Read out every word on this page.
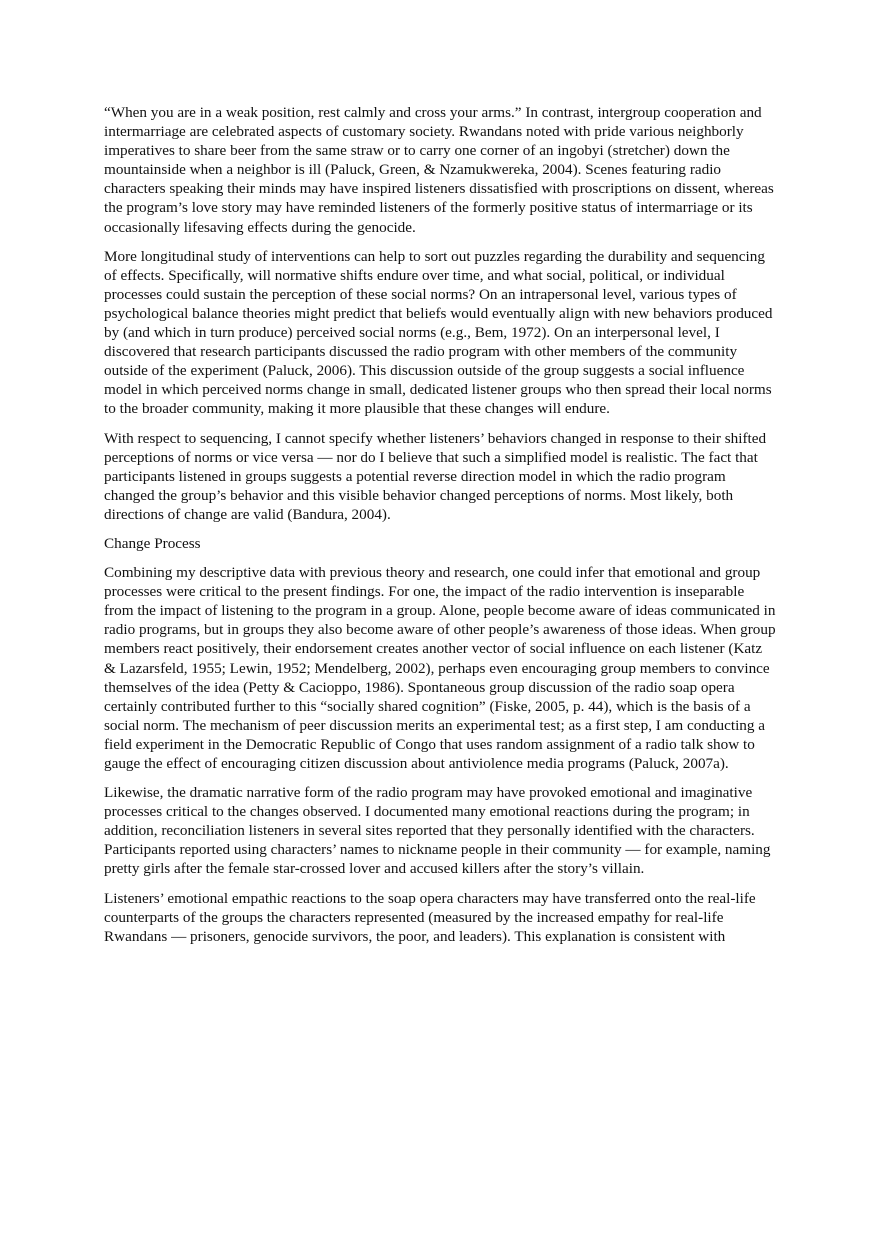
“When you are in a weak position, rest calmly and cross your arms.” In contrast, intergroup cooperation and intermarriage are celebrated aspects of customary society. Rwandans noted with pride various neighborly imperatives to share beer from the same straw or to carry one corner of an ingobyi (stretcher) down the mountainside when a neighbor is ill (Paluck, Green, & Nzamukwereka, 2004). Scenes featuring radio characters speaking their minds may have inspired listeners dissatisfied with proscriptions on dissent, whereas the program’s love story may have reminded listeners of the formerly positive status of intermarriage or its occasionally lifesaving effects during the genocide.

More longitudinal study of interventions can help to sort out puzzles regarding the durability and sequencing of effects. Specifically, will normative shifts endure over time, and what social, political, or individual processes could sustain the perception of these social norms? On an intrapersonal level, various types of psychological balance theories might predict that beliefs would eventually align with new behaviors produced by (and which in turn produce) perceived social norms (e.g., Bem, 1972). On an interpersonal level, I discovered that research participants discussed the radio program with other members of the community outside of the experiment (Paluck, 2006). This discussion outside of the group suggests a social influence model in which perceived norms change in small, dedicated listener groups who then spread their local norms to the broader community, making it more plausible that these changes will endure.

With respect to sequencing, I cannot specify whether listeners’ behaviors changed in response to their shifted perceptions of norms or vice versa — nor do I believe that such a simplified model is realistic. The fact that participants listened in groups suggests a potential reverse direction model in which the radio program changed the group’s behavior and this visible behavior changed perceptions of norms. Most likely, both directions of change are valid (Bandura, 2004).

Change Process

Combining my descriptive data with previous theory and research, one could infer that emotional and group processes were critical to the present findings. For one, the impact of the radio intervention is inseparable from the impact of listening to the program in a group. Alone, people become aware of ideas communicated in radio programs, but in groups they also become aware of other people’s awareness of those ideas. When group members react positively, their endorsement creates another vector of social influence on each listener (Katz & Lazarsfeld, 1955; Lewin, 1952; Mendelberg, 2002), perhaps even encouraging group members to convince themselves of the idea (Petty & Cacioppo, 1986). Spontaneous group discussion of the radio soap opera certainly contributed further to this “socially shared cognition” (Fiske, 2005, p. 44), which is the basis of a social norm. The mechanism of peer discussion merits an experimental test; as a first step, I am conducting a field experiment in the Democratic Republic of Congo that uses random assignment of a radio talk show to gauge the effect of encouraging citizen discussion about antiviolence media programs (Paluck, 2007a).

Likewise, the dramatic narrative form of the radio program may have provoked emotional and imaginative processes critical to the changes observed. I documented many emotional reactions during the program; in addition, reconciliation listeners in several sites reported that they personally identified with the characters. Participants reported using characters’ names to nickname people in their community — for example, naming pretty girls after the female star-crossed lover and accused killers after the story’s villain.

Listeners’ emotional empathic reactions to the soap opera characters may have transferred onto the real-life counterparts of the groups the characters represented (measured by the increased empathy for real-life Rwandans — prisoners, genocide survivors, the poor, and leaders). This explanation is consistent with
